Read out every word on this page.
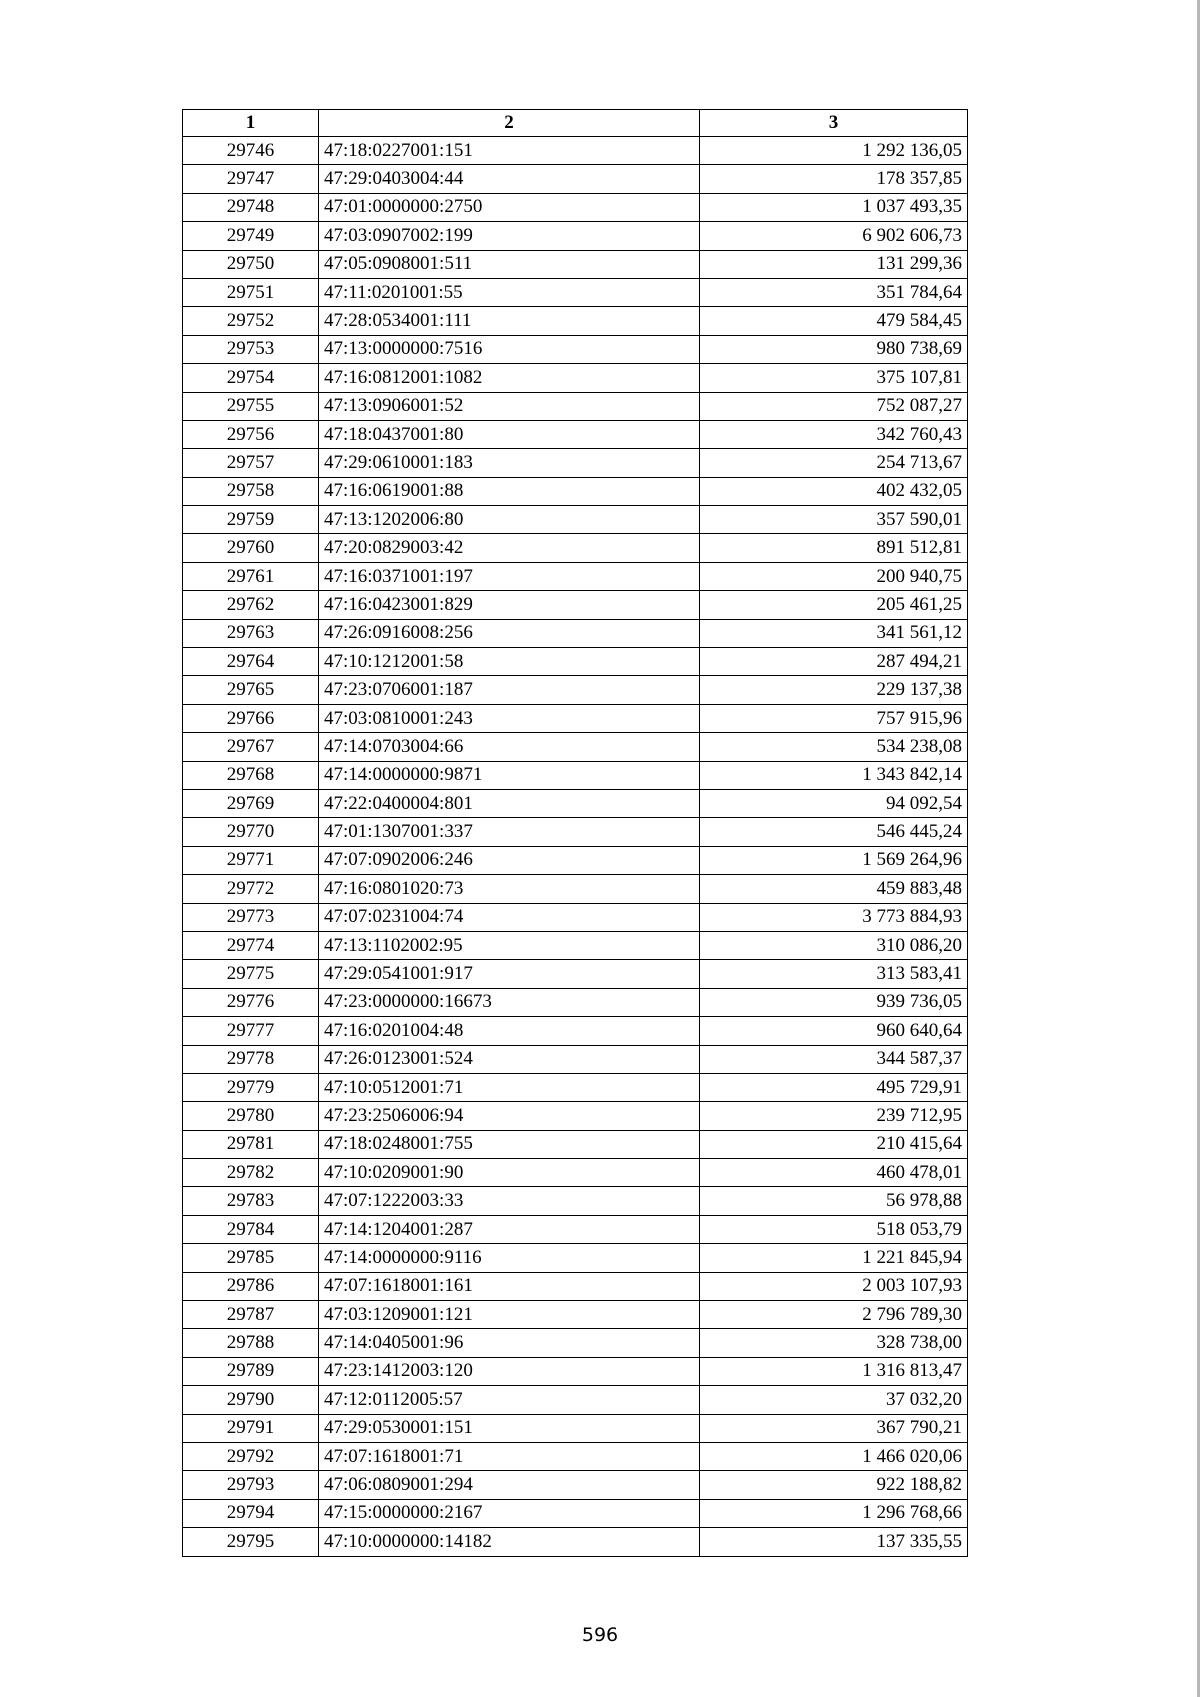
1	2	3
29746	47:18:0227001:151	1 292 136,05
29747	47:29:0403004:44	178 357,85
29748	47:01:0000000:2750	1 037 493,35
29749	47:03:0907002:199	6 902 606,73
29750	47:05:0908001:511	131 299,36
29751	47:11:0201001:55	351 784,64
29752	47:28:0534001:111	479 584,45
29753	47:13:0000000:7516	980 738,69
29754	47:16:0812001:1082	375 107,81
29755	47:13:0906001:52	752 087,27
29756	47:18:0437001:80	342 760,43
29757	47:29:0610001:183	254 713,67
29758	47:16:0619001:88	402 432,05
29759	47:13:1202006:80	357 590,01
29760	47:20:0829003:42	891 512,81
29761	47:16:0371001:197	200 940,75
29762	47:16:0423001:829	205 461,25
29763	47:26:0916008:256	341 561,12
29764	47:10:1212001:58	287 494,21
29765	47:23:0706001:187	229 137,38
29766	47:03:0810001:243	757 915,96
29767	47:14:0703004:66	534 238,08
29768	47:14:0000000:9871	1 343 842,14
29769	47:22:0400004:801	94 092,54
29770	47:01:1307001:337	546 445,24
29771	47:07:0902006:246	1 569 264,96
29772	47:16:0801020:73	459 883,48
29773	47:07:0231004:74	3 773 884,93
29774	47:13:1102002:95	310 086,20
29775	47:29:0541001:917	313 583,41
29776	47:23:0000000:16673	939 736,05
29777	47:16:0201004:48	960 640,64
29778	47:26:0123001:524	344 587,37
29779	47:10:0512001:71	495 729,91
29780	47:23:2506006:94	239 712,95
29781	47:18:0248001:755	210 415,64
29782	47:10:0209001:90	460 478,01
29783	47:07:1222003:33	56 978,88
29784	47:14:1204001:287	518 053,79
29785	47:14:0000000:9116	1 221 845,94
29786	47:07:1618001:161	2 003 107,93
29787	47:03:1209001:121	2 796 789,30
29788	47:14:0405001:96	328 738,00
29789	47:23:1412003:120	1 316 813,47
29790	47:12:0112005:57	37 032,20
29791	47:29:0530001:151	367 790,21
29792	47:07:1618001:71	1 466 020,06
29793	47:06:0809001:294	922 188,82
29794	47:15:0000000:2167	1 296 768,66
29795	47:10:0000000:14182	137 335,55
596
